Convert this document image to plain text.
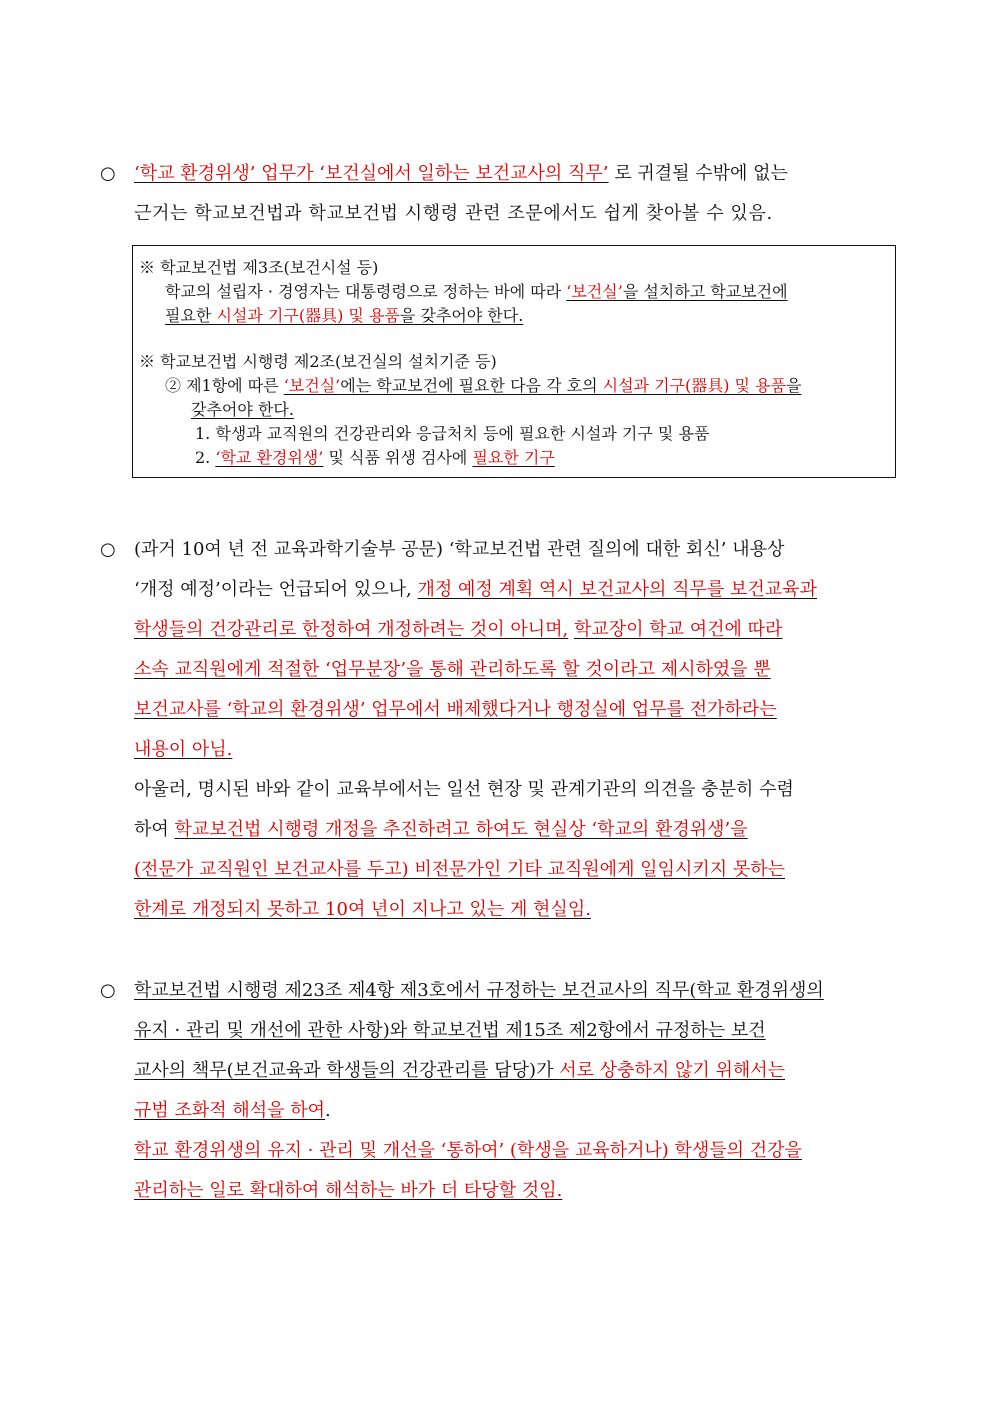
○ ‘학교 환경위생’ 업무가 ‘보건실에서 일하는 보건교사의 직무’ 로 귀결될 수밖에 없는
근거는 학교보건법과 학교보건법 시행령 관련 조문에서도 쉽게 찾아볼 수 있음.
※ 학교보건법 제3조(보건시설 등)
학교의 설립자 · 경영자는 대통령령으로 정하는 바에 따라 ‘보건실’을 설치하고 학교보건에
필요한 시설과 기구(器具) 및 용품을 갖추어야 한다.
※ 학교보건법 시행령 제2조(보건실의 설치기준 등)
② 제1항에 따른 ‘보건실’에는 학교보건에 필요한 다음 각 호의 시설과 기구(器具) 및 용품을
갖추어야 한다.
1. 학생과 교직원의 건강관리와 응급처치 등에 필요한 시설과 기구 및 용품
2. ‘학교 환경위생’ 및 식품 위생 검사에 필요한 기구
○ (과거 10여 년 전 교육과학기술부 공문) ‘학교보건법 관련 질의에 대한 회신’ 내용상
‘개정 예정’이라는 언급되어 있으나, 개정 예정 계획 역시 보건교사의 직무를 보건교육과
학생들의 건강관리로 한정하여 개정하려는 것이 아니며, 학교장이 학교 여건에 따라
소속 교직원에게 적절한 ‘업무분장’을 통해 관리하도록 할 것이라고 제시하였을 뿐
보건교사를 ‘학교의 환경위생’ 업무에서 배제했다거나 행정실에 업무를 전가하라는
내용이 아님.
아울러, 명시된 바와 같이 교육부에서는 일선 현장 및 관계기관의 의견을 충분히 수렴
하여 학교보건법 시행령 개정을 추진하려고 하여도 현실상 ‘학교의 환경위생’을
(전문가 교직원인 보건교사를 두고) 비전문가인 기타 교직원에게 일임시키지 못하는
한계로 개정되지 못하고 10여 년이 지나고 있는 게 현실임.
○ 학교보건법 시행령 제23조 제4항 제3호에서 규정하는 보건교사의 직무(학교 환경위생의
유지 · 관리 및 개선에 관한 사항)와 학교보건법 제15조 제2항에서 규정하는 보건
교사의 책무(보건교육과 학생들의 건강관리를 담당)가 서로 상충하지 않기 위해서는
규범 조화적 해석을 하여.
학교 환경위생의 유지 · 관리 및 개선을 ‘통하여’ (학생을 교육하거나) 학생들의 건강을
관리하는 일로 확대하여 해석하는 바가 더 타당할 것임.
